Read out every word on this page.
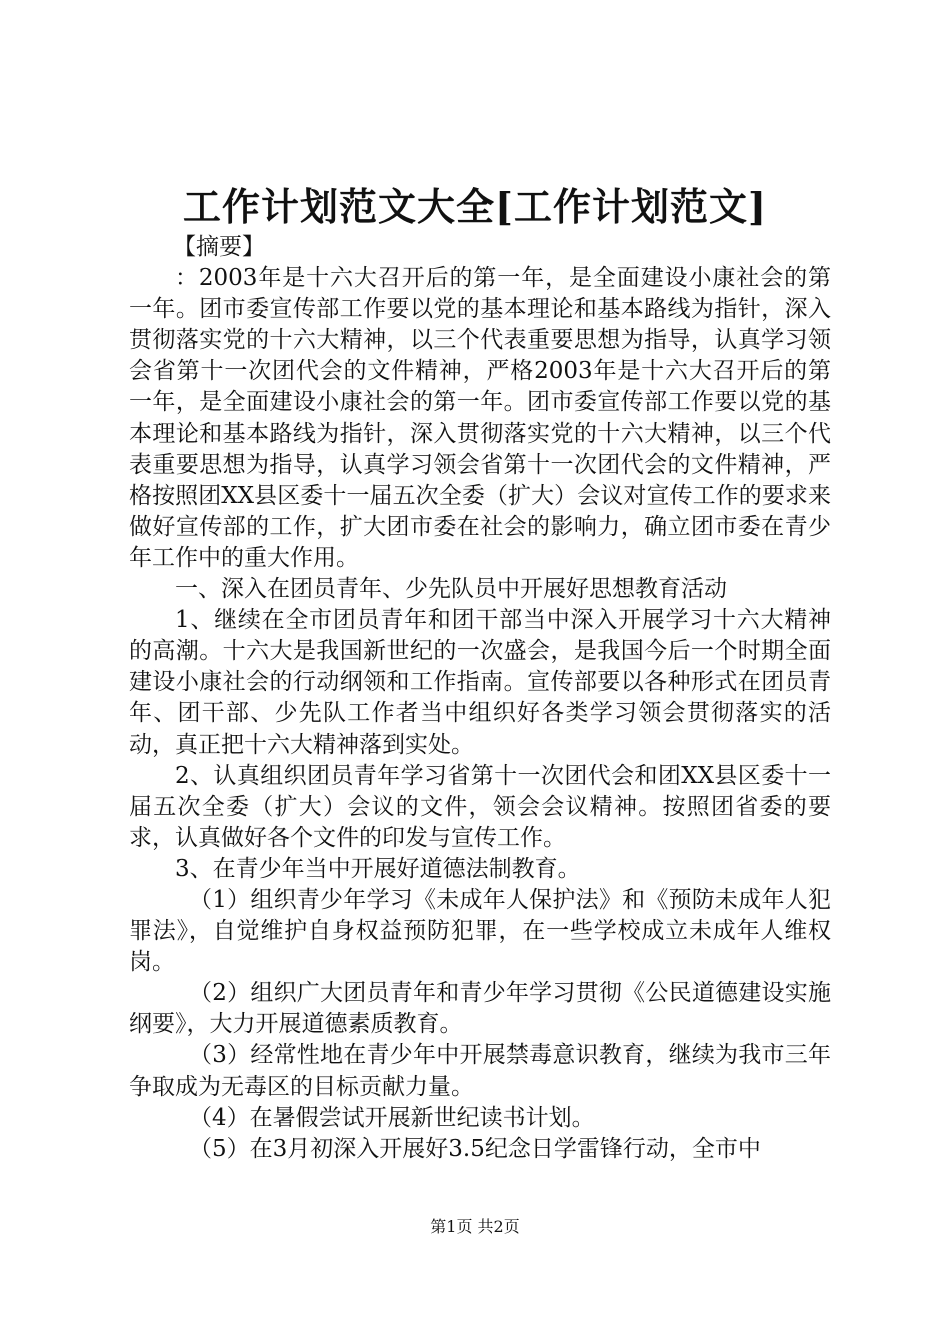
工作计划范文大全[工作计划范文]

【摘要】

：2003年是十六大召开后的第一年，是全面建设小康社会的第一年。团市委宣传部工作要以党的基本理论和基本路线为指针，深入贯彻落实党的十六大精神，以三个代表重要思想为指导，认真学习领会省第十一次团代会的文件精神，严格2003年是十六大召开后的第一年，是全面建设小康社会的第一年。团市委宣传部工作要以党的基本理论和基本路线为指针，深入贯彻落实党的十六大精神，以三个代表重要思想为指导，认真学习领会省第十一次团代会的文件精神，严格按照团XX县区委十一届五次全委（扩大）会议对宣传工作的要求来做好宣传部的工作，扩大团市委在社会的影响力，确立团市委在青少年工作中的重大作用。

一、深入在团员青年、少先队员中开展好思想教育活动

1、继续在全市团员青年和团干部当中深入开展学习十六大精神的高潮。十六大是我国新世纪的一次盛会，是我国今后一个时期全面建设小康社会的行动纲领和工作指南。宣传部要以各种形式在团员青年、团干部、少先队工作者当中组织好各类学习领会贯彻落实的活动，真正把十六大精神落到实处。

2、认真组织团员青年学习省第十一次团代会和团XX县区委十一届五次全委（扩大）会议的文件，领会会议精神。按照团省委的要求，认真做好各个文件的印发与宣传工作。

3、在青少年当中开展好道德法制教育。

（1）组织青少年学习《未成年人保护法》和《预防未成年人犯罪法》，自觉维护自身权益预防犯罪，在一些学校成立未成年人维权岗。

（2）组织广大团员青年和青少年学习贯彻《公民道德建设实施纲要》，大力开展道德素质教育。

（3）经常性地在青少年中开展禁毒意识教育，继续为我市三年争取成为无毒区的目标贡献力量。

（4）在暑假尝试开展新世纪读书计划。

（5）在3月初深入开展好3.5纪念日学雷锋行动，全市中

第1页 共2页
